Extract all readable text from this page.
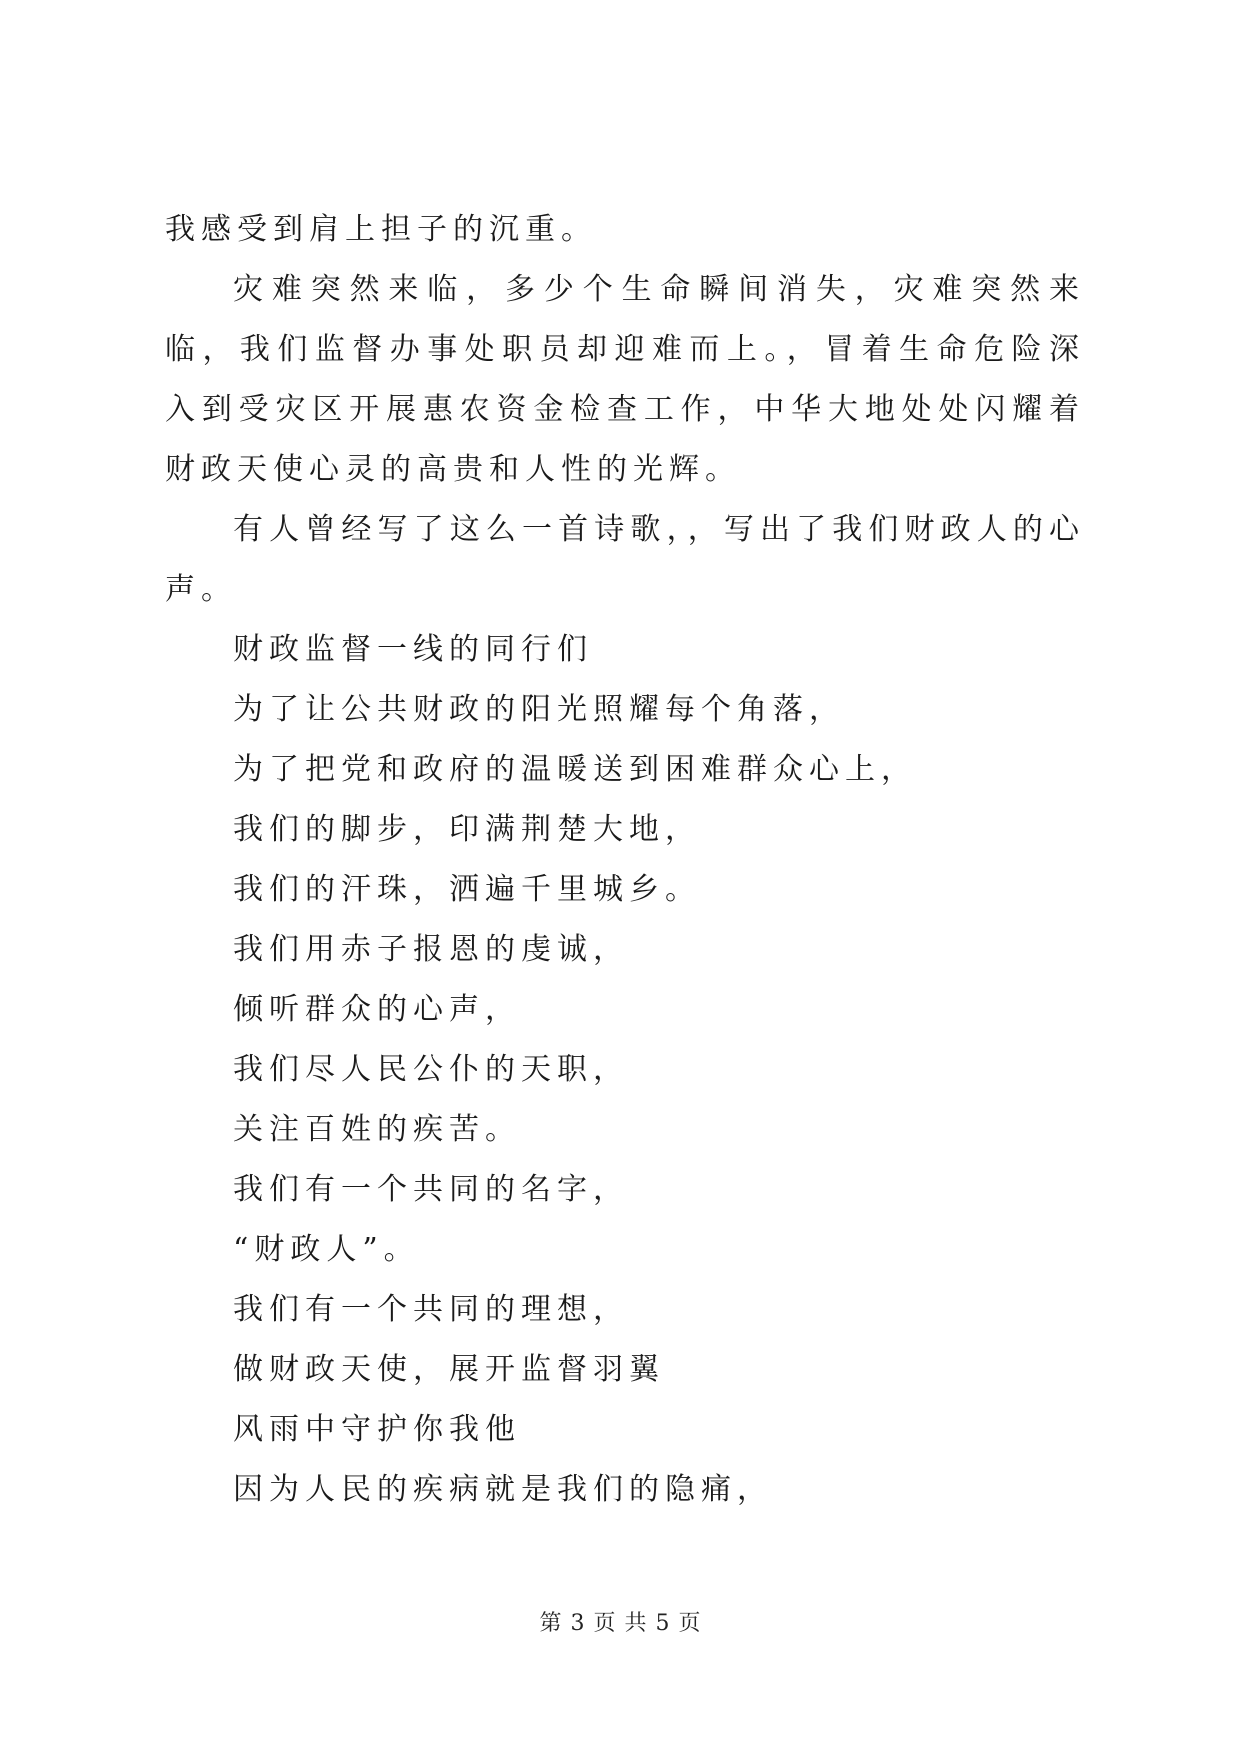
我感受到肩上担子的沉重。

灾难突然来临，多少个生命瞬间消失，灾难突然来临，我们监督办事处职员却迎难而上。，冒着生命危险深入到受灾区开展惠农资金检查工作，中华大地处处闪耀着财政天使心灵的高贵和人性的光辉。

有人曾经写了这么一首诗歌，，写出了我们财政人的心声。

财政监督一线的同行们

为了让公共财政的阳光照耀每个角落，

为了把党和政府的温暖送到困难群众心上，

我们的脚步，印满荆楚大地，

我们的汗珠，洒遍千里城乡。

我们用赤子报恩的虔诚，

倾听群众的心声，

我们尽人民公仆的天职，

关注百姓的疾苦。

我们有一个共同的名字，

“财政人”。

我们有一个共同的理想，

做财政天使，展开监督羽翼

风雨中守护你我他

因为人民的疾病就是我们的隐痛，

第 3 页 共 5 页
